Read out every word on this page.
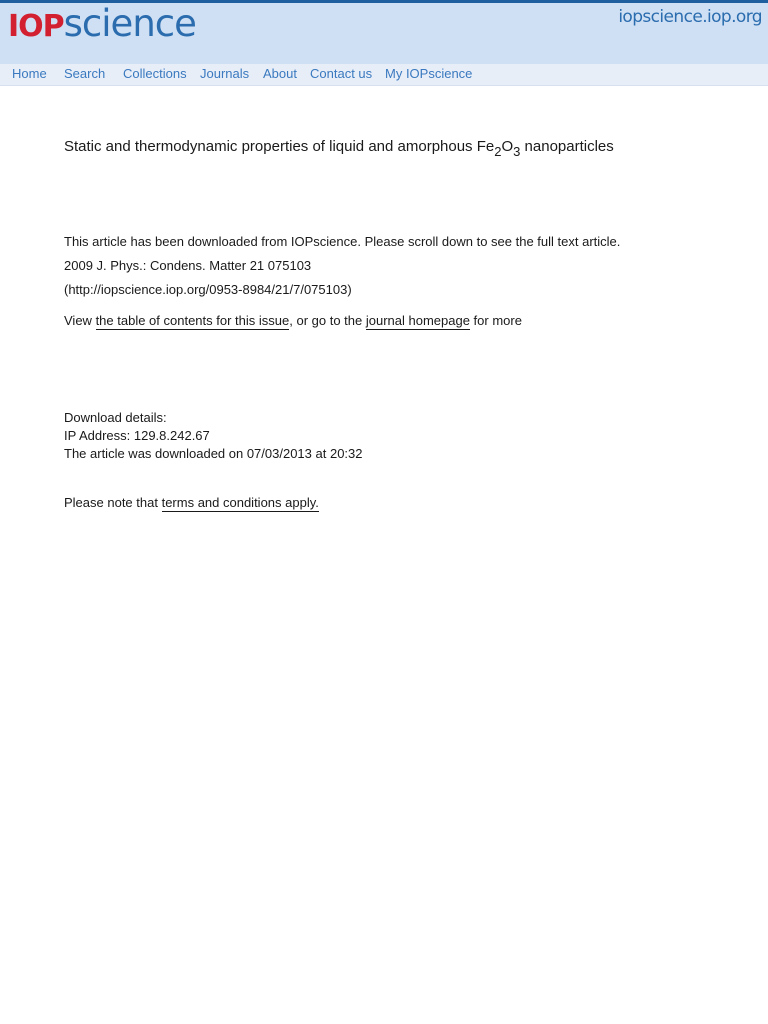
IOPscience	iopscience.iop.org
Home Search Collections Journals About Contact us My IOPscience
Static and thermodynamic properties of liquid and amorphous $Fe_2O_3$ nanoparticles
This article has been downloaded from IOPscience. Please scroll down to see the full text article.
2009 J. Phys.: Condens. Matter 21 075103
(http://iopscience.iop.org/0953-8984/21/7/075103)
View the table of contents for this issue, or go to the journal homepage for more
Download details:
IP Address: 129.8.242.67
The article was downloaded on 07/03/2013 at 20:32
Please note that terms and conditions apply.
